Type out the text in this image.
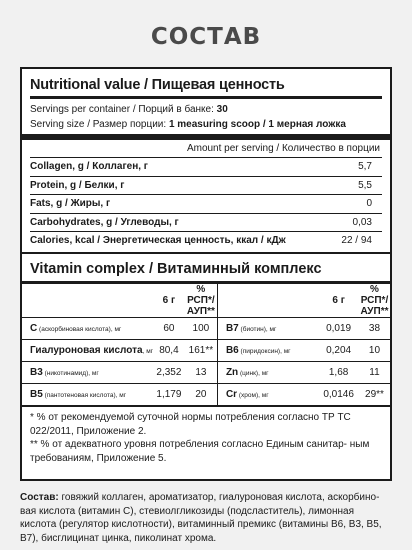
СОСТАВ
Nutritional value / Пищевая ценность
Servings per container / Порций в банке: 30
Serving size / Размер порции: 1 measuring scoop / 1 мерная ложка
Amount per serving / Количество в порции
Collagen, g / Коллаген, г	5,7
Protein, g / Белки, г	5,5
Fats, g / Жиры, г	0
Carbohydrates, g / Углеводы, г	0,03
Calories, kcal / Энергетическая ценность, ккал / кДж	22 / 94
Vitamin complex / Витаминный комплекс
	6 г	% РСП*/ АУП**		6 г	% РСП*/ АУП**
C (аскорбиновая кислота), мг	60	100	B7 (биотин), мг	0,019	38
Гиалуроновая кислота, мг	80,4	161**	B6 (пиридоксин), мг	0,204	10
B3 (никотинамид), мг	2,352	13	Zn (цинк), мг	1,68	11
B5 (пантотеновая кислота), мг	1,179	20	Cr (хром), мг	0,0146	29**
* % от рекомендуемой суточной нормы потребления согласно ТР ТС 022/2011, Приложение 2.
** % от адекватного уровня потребления согласно Единым санитар- ным требованиям, Приложение 5.
Состав: говяжий коллаген, ароматизатор, гиалуроновая кислота, аскорбино- вая кислота (витамин С), стевиолгликозиды (подсластитель), лимонная кислота (регулятор кислотности), витаминный премикс (витамины В6, В3, В5, В7), бисглицинат цинка, пиколинат хрома.
